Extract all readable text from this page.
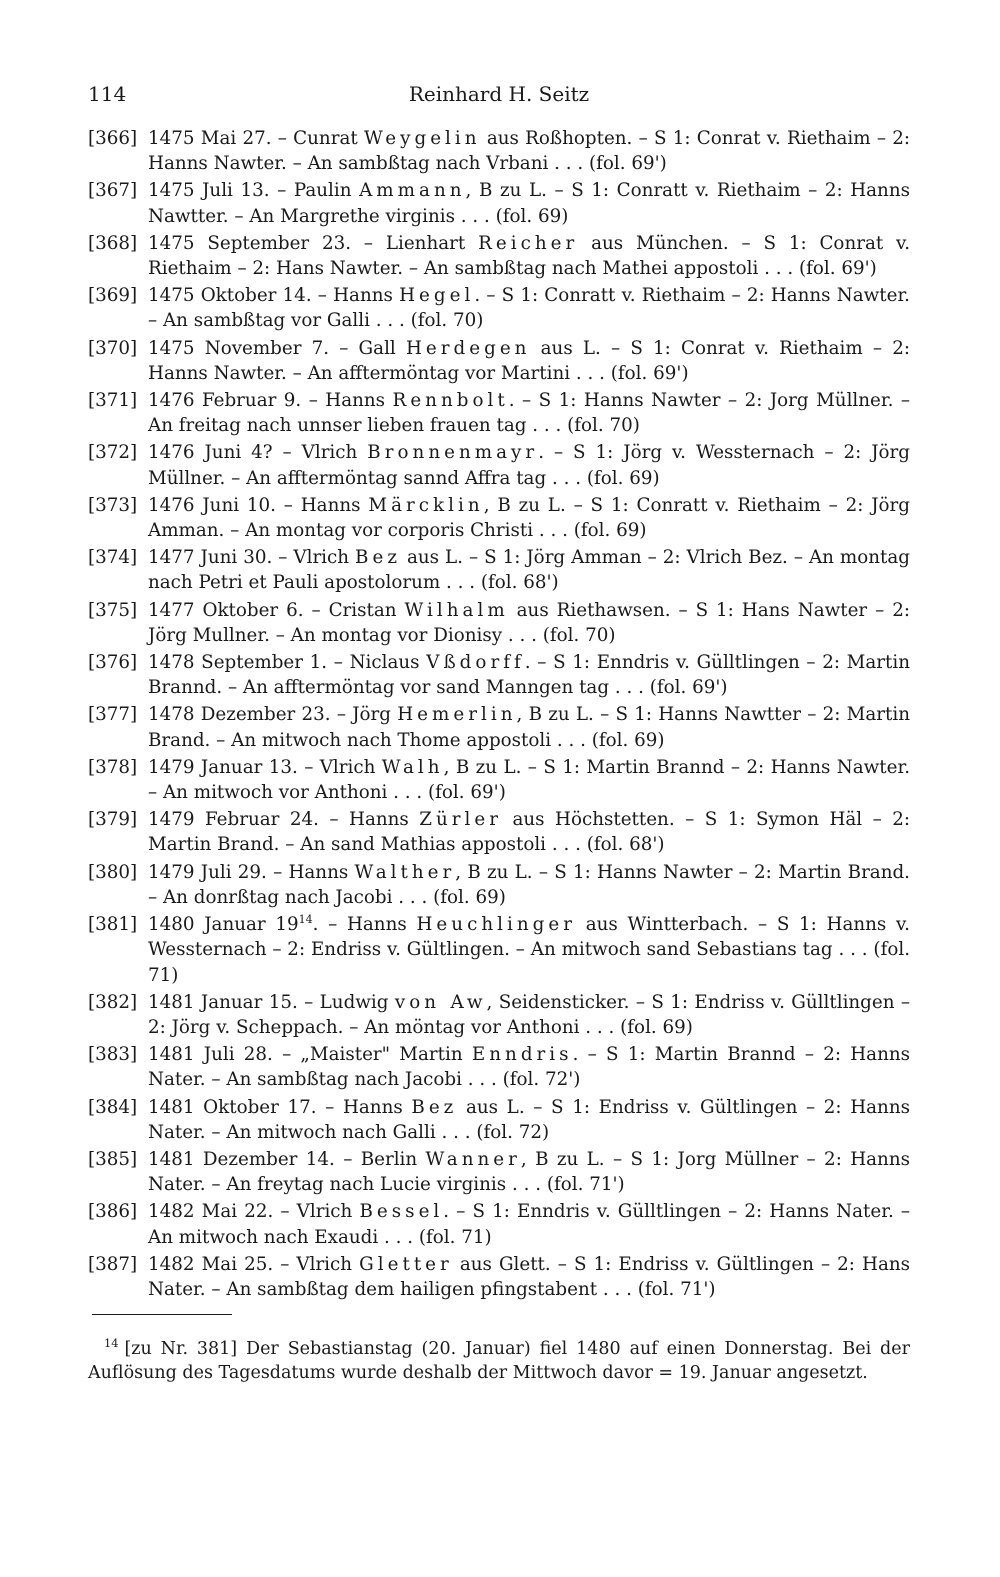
114	Reinhard H. Seitz
[366] 1475 Mai 27. – Cunrat Weygelin aus Roßhopten. – S 1: Conrat v. Riethaim – 2: Hanns Nawter. – An sambßtag nach Vrbani . . . (fol. 69')
[367] 1475 Juli 13. – Paulin Ammann, B zu L. – S 1: Conratt v. Riethaim – 2: Hanns Nawtter. – An Margrethe virginis . . . (fol. 69)
[368] 1475 September 23. – Lienhart Reicher aus München. – S 1: Conrat v. Riethaim – 2: Hans Nawter. – An sambßtag nach Mathei appostoli . . . (fol. 69')
[369] 1475 Oktober 14. – Hanns Hegel. – S 1: Conratt v. Riethaim – 2: Hanns Nawter. – An sambßtag vor Galli . . . (fol. 70)
[370] 1475 November 7. – Gall Herdegen aus L. – S 1: Conrat v. Riethaim – 2: Hanns Nawter. – An afftermöntag vor Martini . . . (fol. 69')
[371] 1476 Februar 9. – Hanns Rennbolt. – S 1: Hanns Nawter – 2: Jorg Müllner. – An freitag nach unnser lieben frauen tag . . . (fol. 70)
[372] 1476 Juni 4? – Vlrich Bronnenmayr. – S 1: Jörg v. Wessternach – 2: Jörg Müllner. – An afftermöntag sannd Affra tag . . . (fol. 69)
[373] 1476 Juni 10. – Hanns Märcklin, B zu L. – S 1: Conratt v. Riethaim – 2: Jörg Amman. – An montag vor corporis Christi . . . (fol. 69)
[374] 1477 Juni 30. – Vlrich Bez aus L. – S 1: Jörg Amman – 2: Vlrich Bez. – An montag nach Petri et Pauli apostolorum . . . (fol. 68')
[375] 1477 Oktober 6. – Cristan Wilhalm aus Riethawsen. – S 1: Hans Nawter – 2: Jörg Mullner. – An montag vor Dionisy . . . (fol. 70)
[376] 1478 September 1. – Niclaus Vßdorff. – S 1: Enndris v. Gülltlingen – 2: Martin Brannd. – An afftermöntag vor sand Manngen tag . . . (fol. 69')
[377] 1478 Dezember 23. – Jörg Hemerlin, B zu L. – S 1: Hanns Nawtter – 2: Martin Brand. – An mitwoch nach Thome appostoli . . . (fol. 69)
[378] 1479 Januar 13. – Vlrich Walh, B zu L. – S 1: Martin Brannd – 2: Hanns Nawter. – An mitwoch vor Anthoni . . . (fol. 69')
[379] 1479 Februar 24. – Hanns Zürler aus Höchstetten. – S 1: Symon Häl – 2: Martin Brand. – An sand Mathias appostoli . . . (fol. 68')
[380] 1479 Juli 29. – Hanns Walther, B zu L. – S 1: Hanns Nawter – 2: Martin Brand. – An donrßtag nach Jacobi . . . (fol. 69)
[381] 1480 Januar 19$^{14}$. – Hanns Heuchlinger aus Wintterbach. – S 1: Hanns v. Wessternach – 2: Endriss v. Gültlingen. – An mitwoch sand Sebastians tag . . . (fol. 71)
[382] 1481 Januar 15. – Ludwig von Aw, Seidensticker. – S 1: Endriss v. Gülltlingen – 2: Jörg v. Scheppach. – An möntag vor Anthoni . . . (fol. 69)
[383] 1481 Juli 28. – „Maister" Martin Enndris. – S 1: Martin Brannd – 2: Hanns Nater. – An sambßtag nach Jacobi . . . (fol. 72')
[384] 1481 Oktober 17. – Hanns Bez aus L. – S 1: Endriss v. Gültlingen – 2: Hanns Nater. – An mitwoch nach Galli . . . (fol. 72)
[385] 1481 Dezember 14. – Berlin Wanner, B zu L. – S 1: Jorg Müllner – 2: Hanns Nater. – An freytag nach Lucie virginis . . . (fol. 71')
[386] 1482 Mai 22. – Vlrich Bessel. – S 1: Enndris v. Gülltlingen – 2: Hanns Nater. – An mitwoch nach Exaudi . . . (fol. 71)
[387] 1482 Mai 25. – Vlrich Gletter aus Glett. – S 1: Endriss v. Gültlingen – 2: Hans Nater. – An sambßtag dem hailigen pfingstabent . . . (fol. 71')
$^{14}$ [zu Nr. 381] Der Sebastianstag (20. Januar) fiel 1480 auf einen Donnerstag. Bei der Auflösung des Tagesdatums wurde deshalb der Mittwoch davor = 19. Januar angesetzt.
